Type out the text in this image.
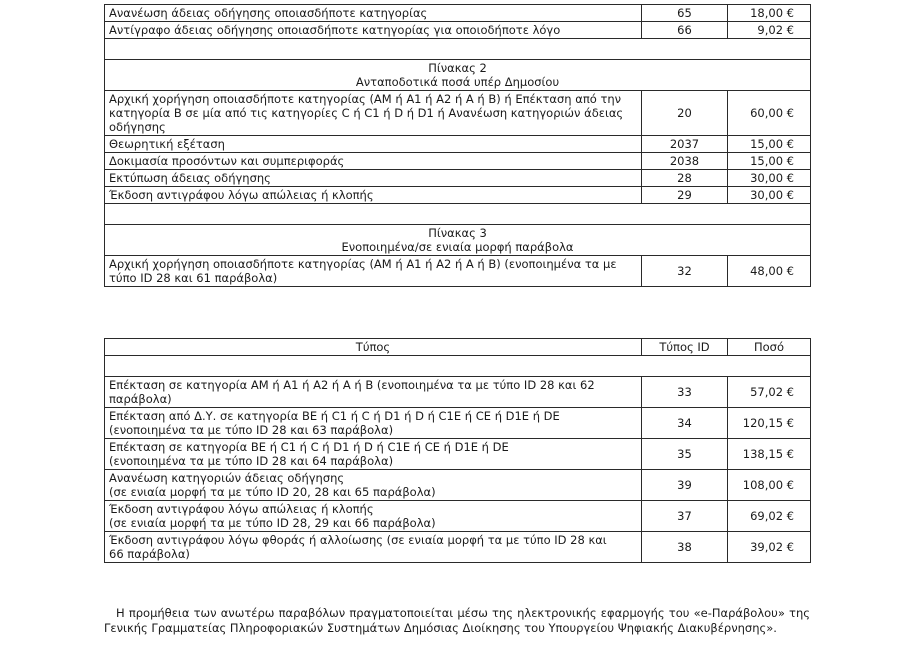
Ανανέωση άδειας οδήγησης οποιασδήποτε κατηγορίας	65	18,00 €
Αντίγραφο άδειας οδήγησης οποιασδήποτε κατηγορίας για οποιοδήποτε λόγο	66	9,02 €

Πίνακας 2
Ανταποδοτικά ποσά υπέρ Δημοσίου		

Αρχική χορήγηση οποιασδήποτε κατηγορίας (AM ή A1 ή A2 ή A ή B) ή Επέκταση από την κατηγορία B σε μία από τις κατηγορίες C ή C1 ή D ή D1 ή Ανανέωση κατηγοριών άδειας οδήγησης	20	60,00 €
Θεωρητική εξέταση	2037	15,00 €
Δοκιμασία προσόντων και συμπεριφοράς	2038	15,00 €
Εκτύπωση άδειας οδήγησης	28	30,00 €
Έκδοση αντιγράφου λόγω απώλειας ή κλοπής	29	30,00 €

Πίνακας 3
Ενοποιημένα/σε ενιαία μορφή παράβολα		

Αρχική χορήγηση οποιασδήποτε κατηγορίας (AM ή A1 ή A2 ή A ή B) (ενοποιημένα τα με τύπο ID 28 και 61 παράβολα)	32	48,00 €
Τύπος	Τύπος ID	Ποσό

Επέκταση σε κατηγορία AM ή A1 ή A2 ή A ή B (ενοποιημένα τα με τύπο ID 28 και 62
παράβολα)	33	57,02 €
Επέκταση από Δ.Υ. σε κατηγορία BE ή C1 ή C ή D1 ή D ή C1E ή CE ή D1E ή DE
(ενοποιημένα τα με τύπο ID 28 και 63 παράβολα)	34	120,15 €
Επέκταση σε κατηγορία BE ή C1 ή C ή D1 ή D ή C1E ή CE ή D1E ή DE
(ενοποιημένα τα με τύπο ID 28 και 64 παράβολα)	35	138,15 €
Ανανέωση κατηγοριών άδειας οδήγησης
(σε ενιαία μορφή τα με τύπο ID 20, 28 και 65 παράβολα)	39	108,00 €
Έκδοση αντιγράφου λόγω απώλειας ή κλοπής
(σε ενιαία μορφή τα με τύπο ID 28, 29 και 66 παράβολα)	37	69,02 €
Έκδοση αντιγράφου λόγω φθοράς ή αλλοίωσης (σε ενιαία μορφή τα με τύπο ID 28 και
66 παράβολα)	38	39,02 €
Η προμήθεια των ανωτέρω παραβόλων πραγματοποιείται μέσω της ηλεκτρονικής εφαρμογής του «e-Παράβολου» της Γενικής Γραμματείας Πληροφοριακών Συστημάτων Δημόσιας Διοίκησης του Υπουργείου Ψηφιακής Διακυβέρνησης».
